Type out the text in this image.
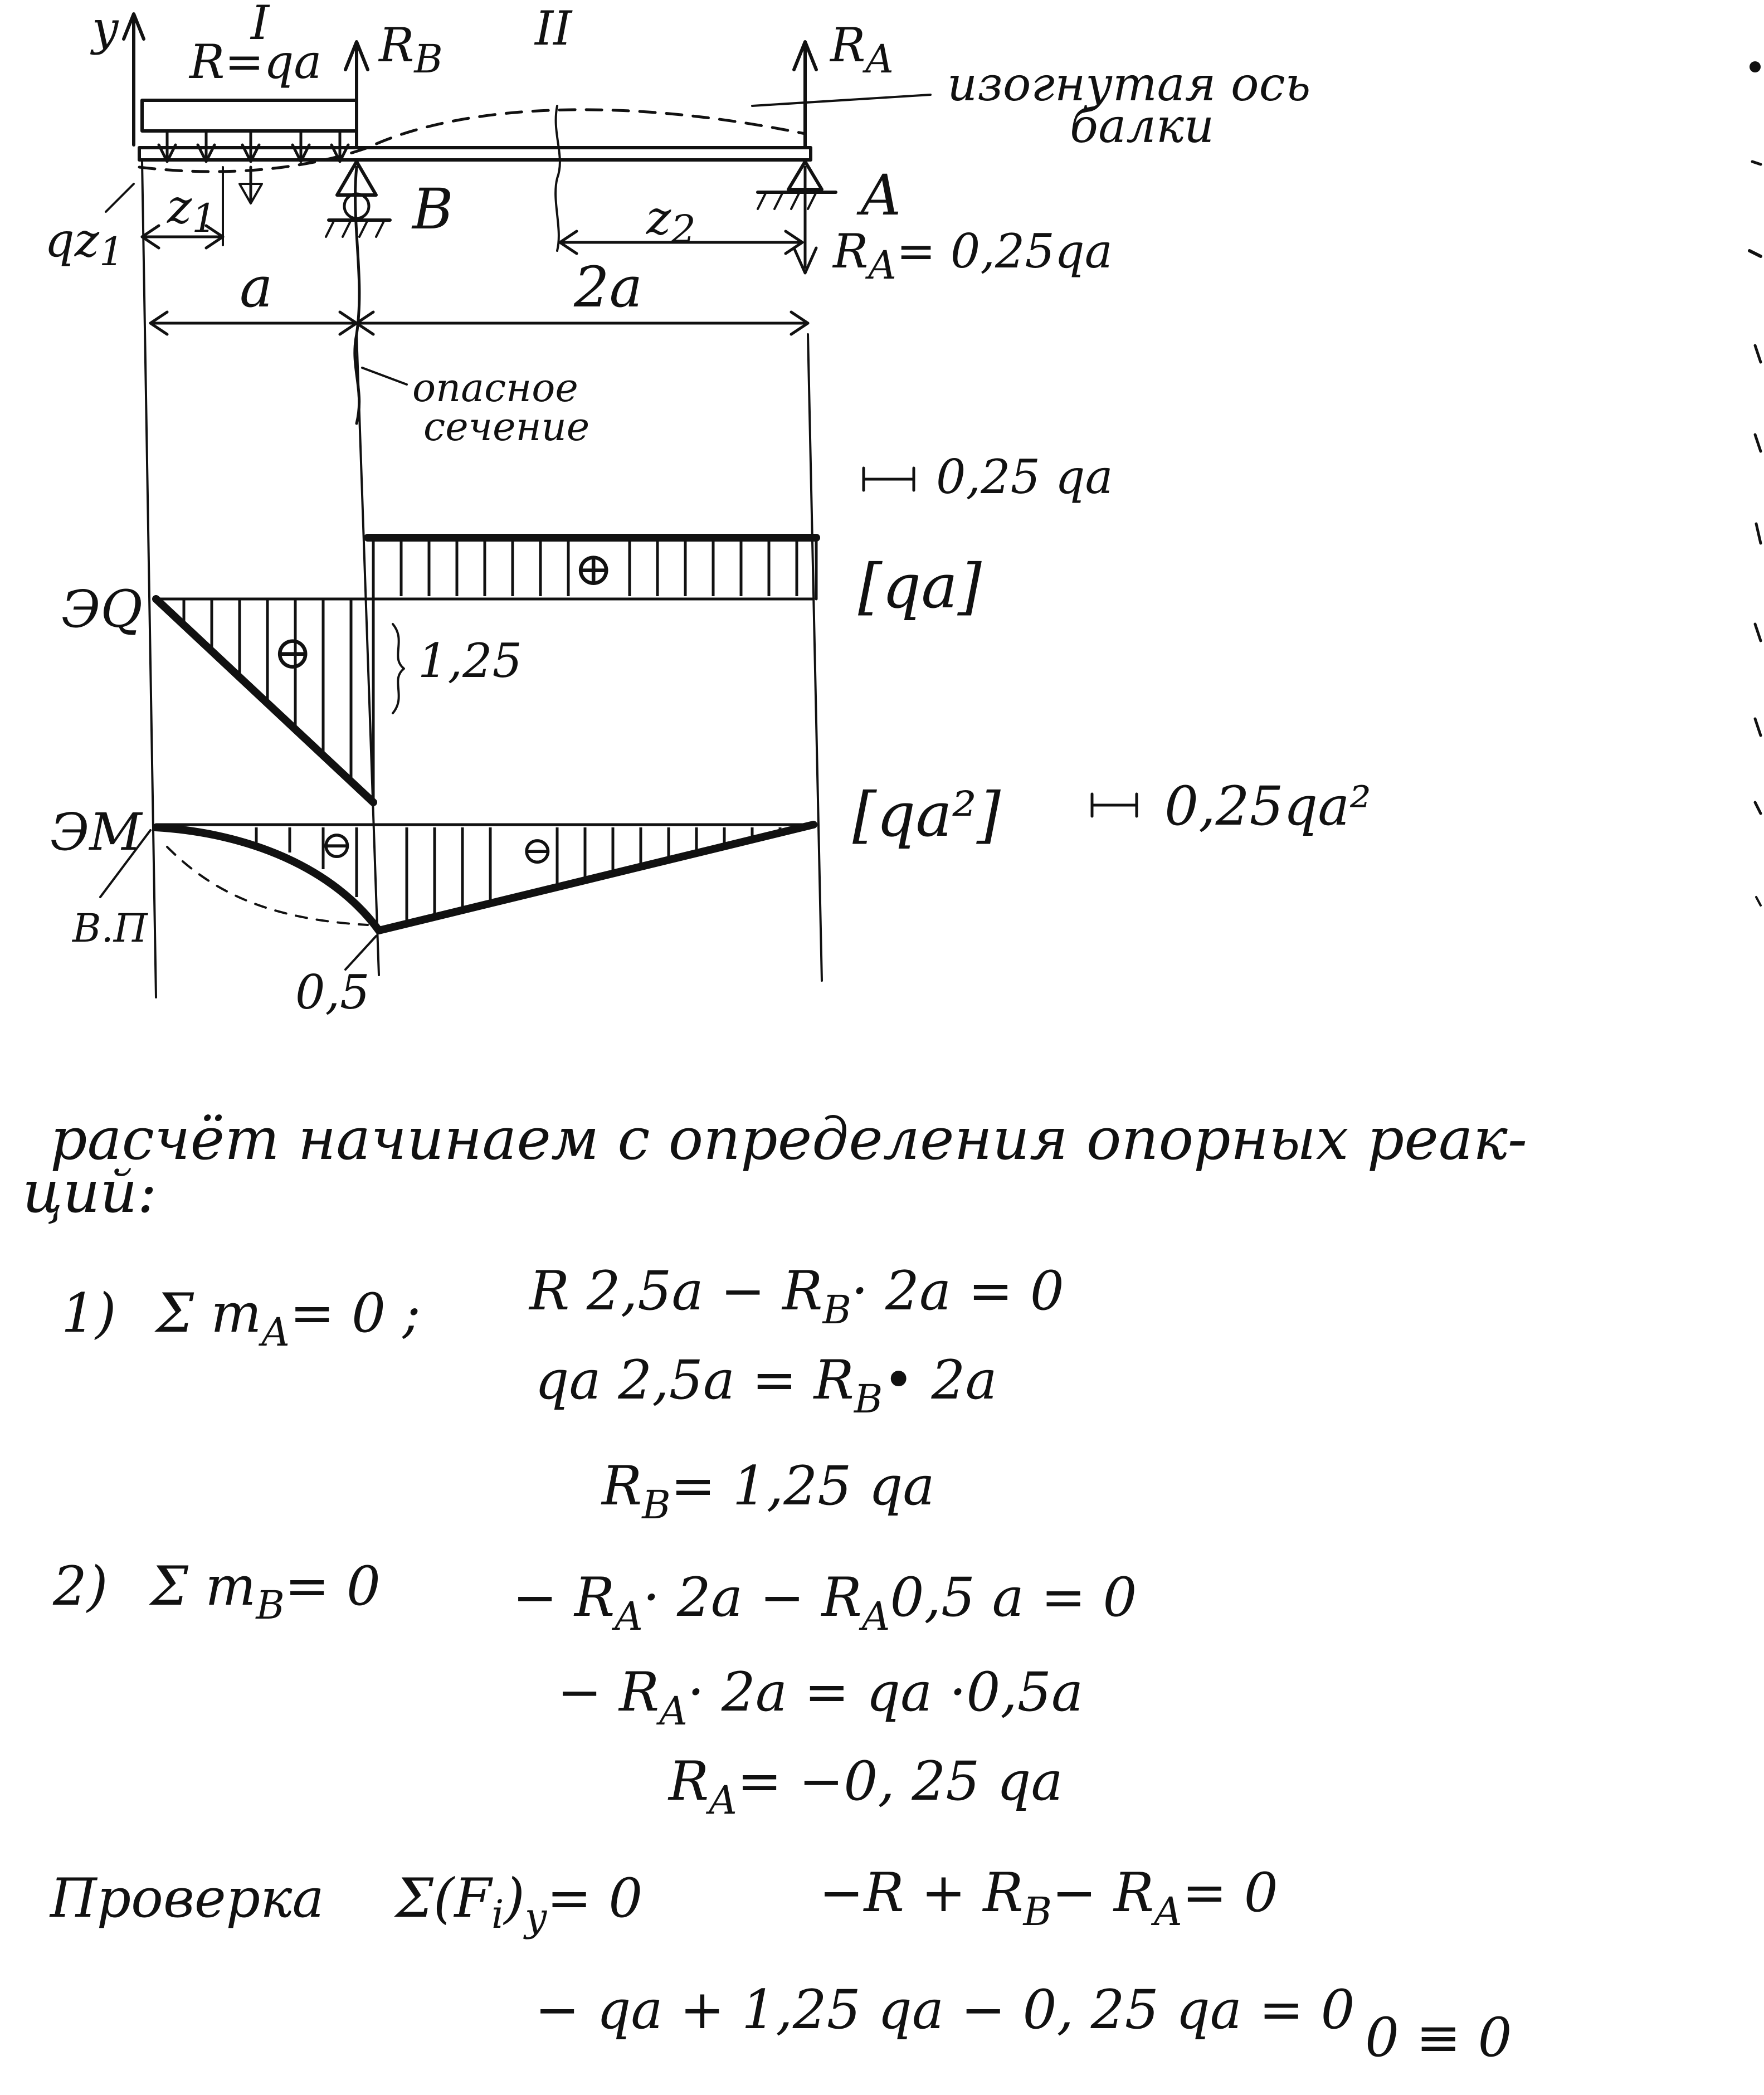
y	I	II
R=qa $R_B$
B
$R_A$
A
$R_A= 0,25qa$
изогнутая ось
балки
qz1
z1	z2
a	2a
опасное
сечение
ЭQ
⊖
⊕
1,25
0,25 qa
[qa]
ЭМ	⊖	⊖
В.П
0,5
[qa²]	0,25qa²
расчёт начинаем с определения опорных реак-
ций:
1) Σ $m_A= 0$ ; R $2,5a - R_B\cdot 2a = 0$
qa $2,5a = R_B•$ 2a
$R_B= 1,25$ qa
2) Σ $m_B= 0 - R_A\cdot 2a - R_A0,5$ a = 0
− $R_A\cdot 2a$ = qa ·0,5a
$R_A= -0$, 25 qa
Проверка $\Sigma(F_i)_y= 0$	$-R + R_B- R_A= 0$
− qa + 1,25 qa − 0, 25 qa = 0 0 ≡ 0
